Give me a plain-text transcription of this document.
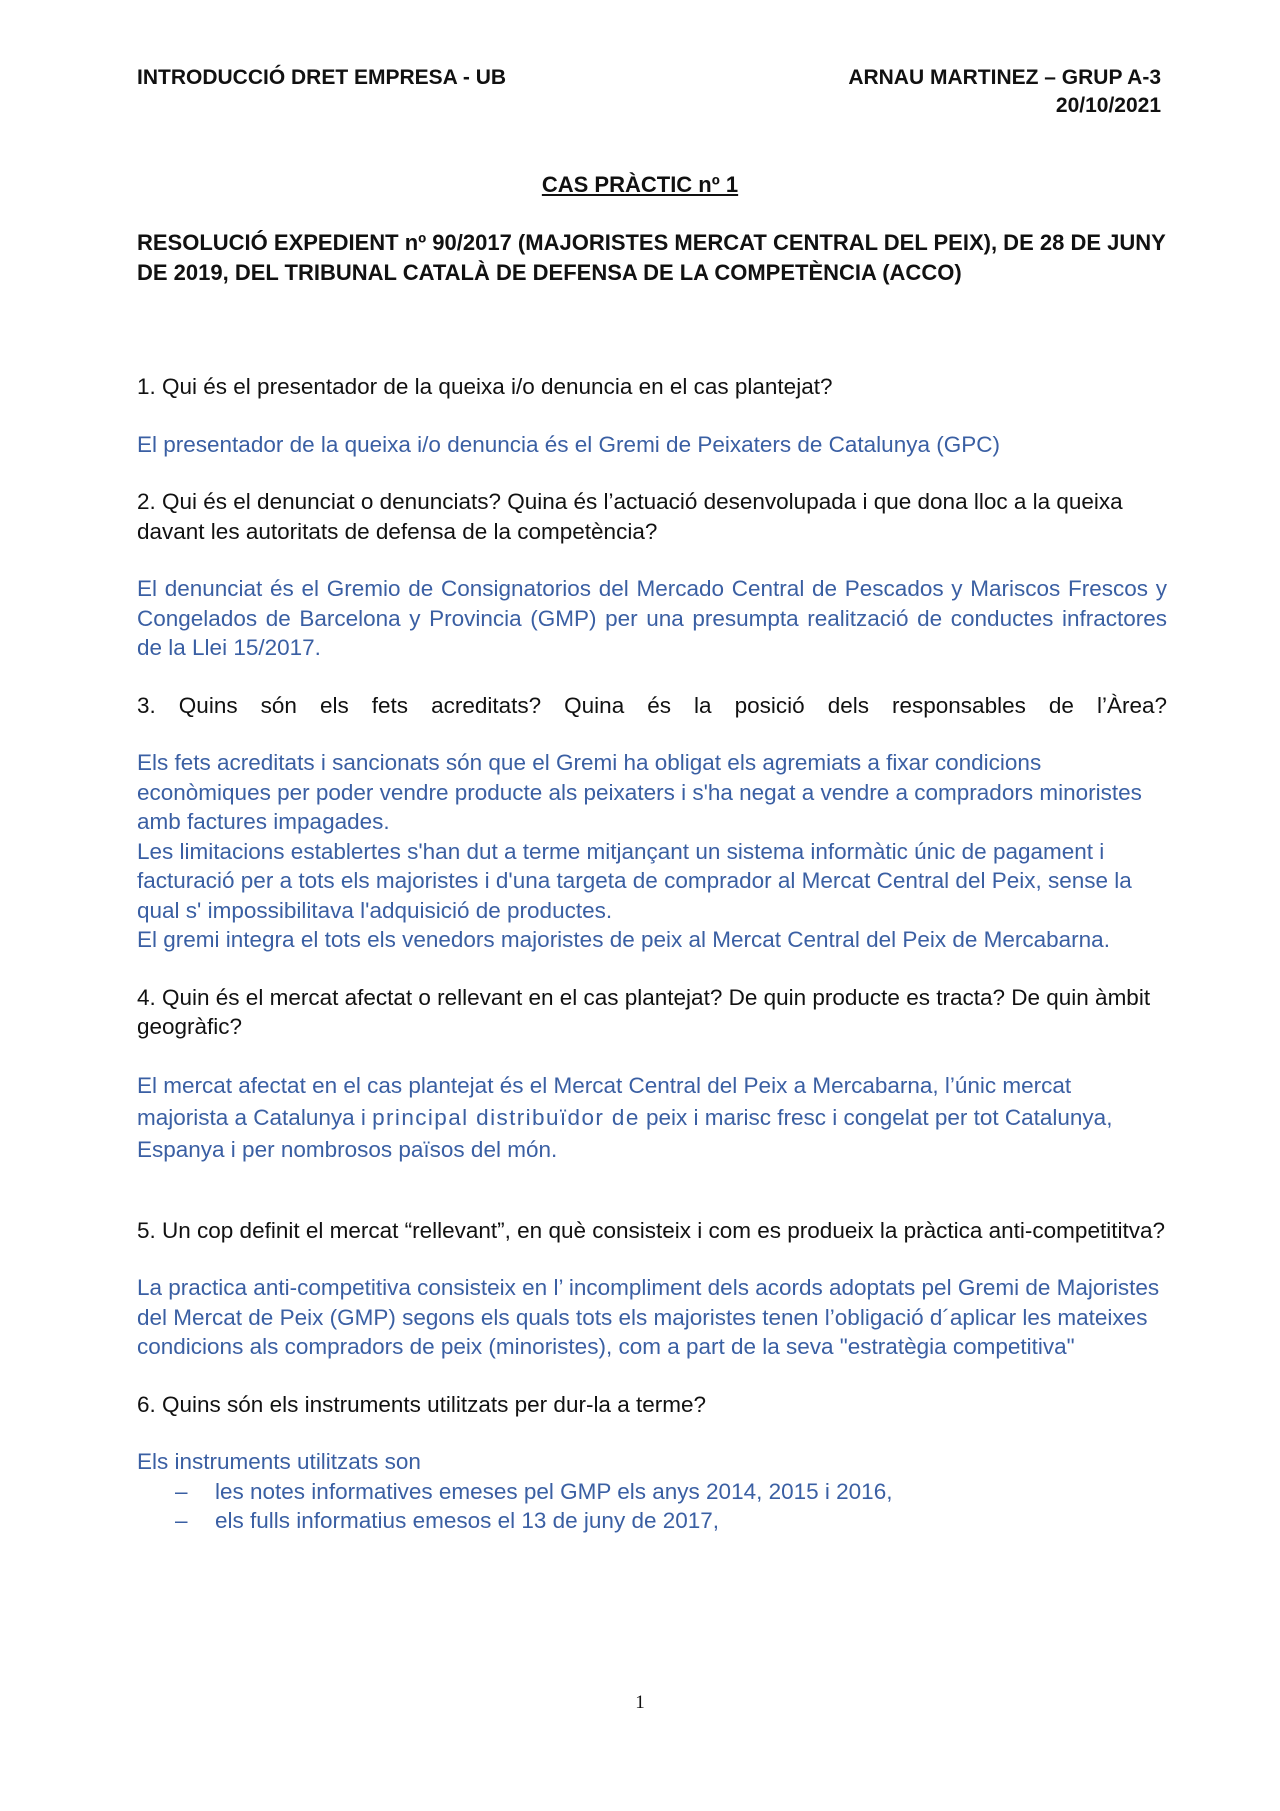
INTRODUCCIÓ DRET EMPRESA - UB	ARNAU MARTINEZ – GRUP A-3
20/10/2021
CAS PRÀCTIC nº 1
RESOLUCIÓ EXPEDIENT nº 90/2017 (MAJORISTES MERCAT CENTRAL DEL PEIX), DE 28 DE JUNY DE 2019, DEL TRIBUNAL CATALÀ DE DEFENSA DE LA COMPETÈNCIA (ACCO)
1. Qui és el presentador de la queixa i/o denuncia en el cas plantejat?

El presentador de la queixa i/o denuncia és el Gremi de Peixaters de Catalunya (GPC)

2. Qui és el denunciat o denunciats? Quina és l’actuació desenvolupada i que dona lloc a la queixa davant les autoritats de defensa de la competència?

El denunciat és el Gremio de Consignatorios del Mercado Central de Pescados y Mariscos Frescos y Congelados de Barcelona y Provincia (GMP) per una presumpta realització de conductes infractores de la Llei 15/2017.

3. Quins són els fets acreditats? Quina és la posició dels responsables de l’Àrea?

Els fets acreditats i sancionats són que el Gremi ha obligat els agremiats a fixar condicions econòmiques per poder vendre producte als peixaters i s'ha negat a vendre a compradors minoristes amb factures impagades.

Les limitacions establertes s'han dut a terme mitjançant un sistema informàtic únic de pagament i facturació per a tots els majoristes i d'una targeta de comprador al Mercat Central del Peix, sense la qual s' impossibilitava l'adquisició de productes.

El gremi integra el tots els venedors majoristes de peix al Mercat Central del Peix de Mercabarna.

4. Quin és el mercat afectat o rellevant en el cas plantejat? De quin producte es tracta? De quin àmbit geogràfic?

El mercat afectat en el cas plantejat és el Mercat Central del Peix a Mercabarna, l’únic mercat majorista a Catalunya i principal distribuïdor de peix i marisc fresc i congelat per tot Catalunya, Espanya i per nombrosos països del món.

5. Un cop definit el mercat “rellevant”, en què consisteix i com es produeix la pràctica anti-competititva?

La practica anti-competitiva consisteix en l’ incompliment dels acords adoptats pel Gremi de Majoristes del Mercat de Peix (GMP) segons els quals tots els majoristes tenen l’obligació d´aplicar les mateixes condicions als compradors de peix (minoristes), com a part de la seva "estratègia competitiva"

6. Quins són els instruments utilitzats per dur-la a terme?

Els instruments utilitzats son

– les notes informatives emeses pel GMP els anys 2014, 2015 i 2016,
– els fulls informatius emesos el 13 de juny de 2017,
1
